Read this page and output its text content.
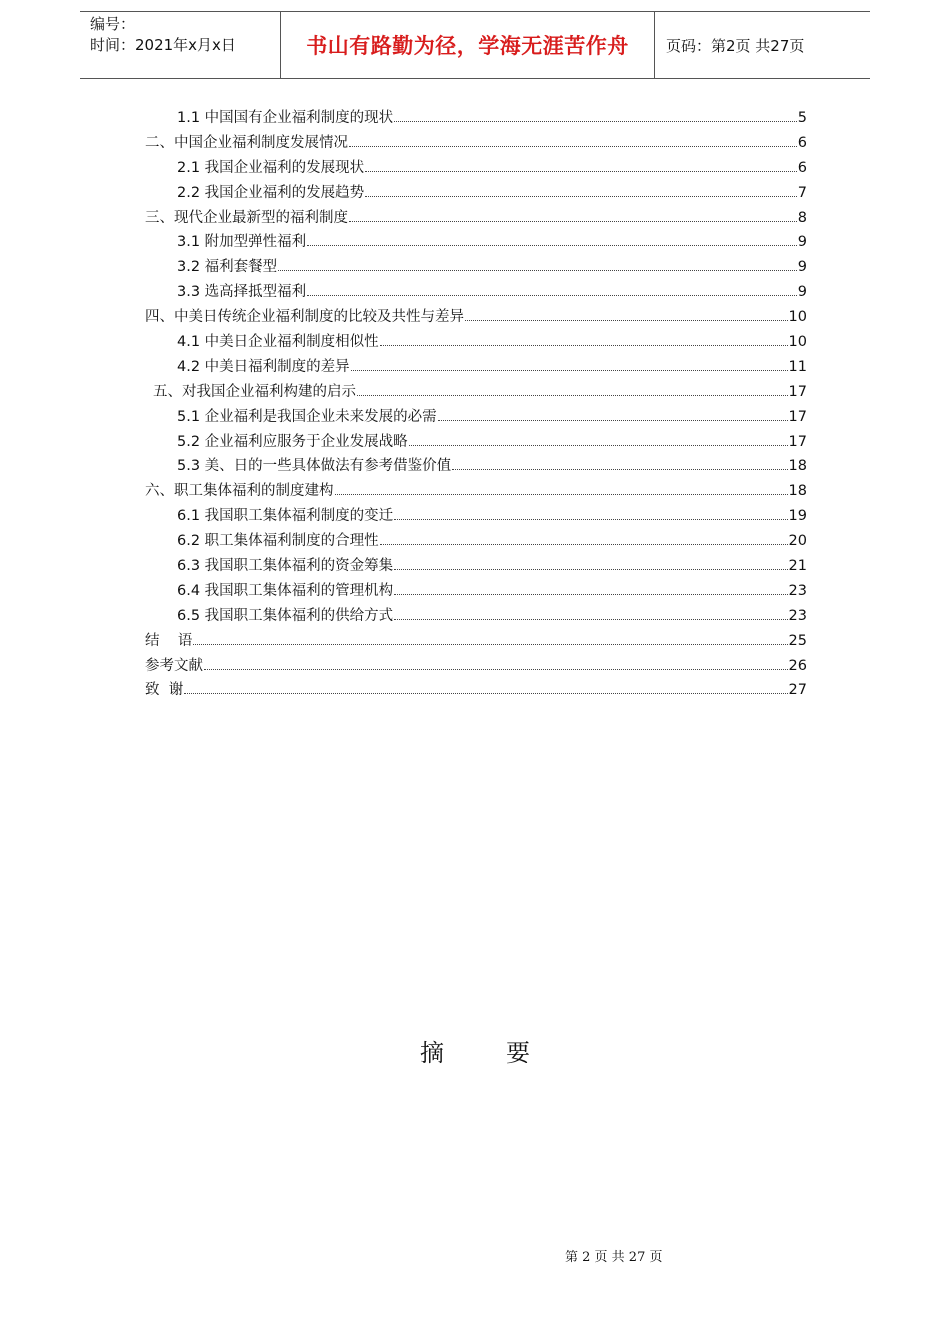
编号：
时间：2021年x月x日	书山有路勤为径，学海无涯苦作舟	页码：第2页 共27页
1.1 中国国有企业福利制度的现状	5
二、中国企业福利制度发展情况	6
2.1 我国企业福利的发展现状	6
2.2 我国企业福利的发展趋势	7
三、现代企业最新型的福利制度	8
3.1 附加型弹性福利	9
3.2 福利套餐型	9
3.3 选高择抵型福利	9
四、中美日传统企业福利制度的比较及共性与差异	10
4.1 中美日企业福利制度相似性	10
4.2 中美日福利制度的差异	11
五、对我国企业福利构建的启示	17
5.1 企业福利是我国企业未来发展的必需	17
5.2 企业福利应服务于企业发展战略	17
5.3 美、日的一些具体做法有参考借鉴价值	18
六、职工集体福利的制度建构	18
6.1 我国职工集体福利制度的变迁	19
6.2 职工集体福利制度的合理性	20
6.3 我国职工集体福利的资金筹集	21
6.4 我国职工集体福利的管理机构	23
6.5 我国职工集体福利的供给方式	23
结    语	25
参考文献	26
致  谢	27
摘	要
第 2 页 共 27 页
